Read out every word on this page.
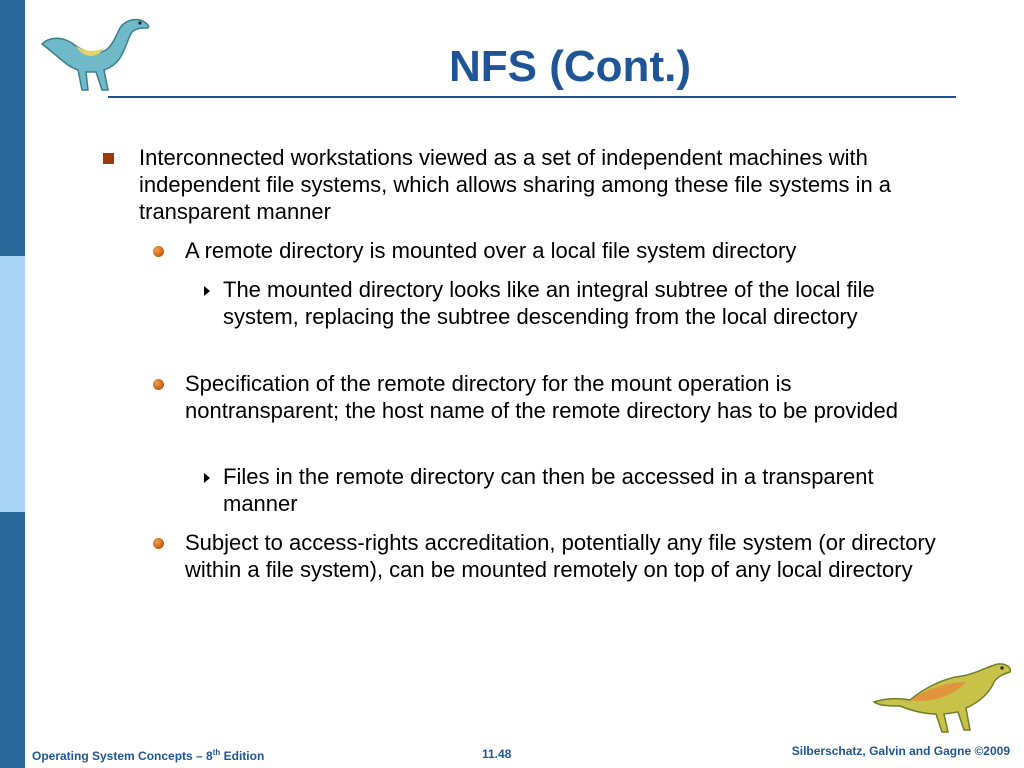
NFS (Cont.)
Interconnected workstations viewed as a set of independent machines with independent file systems, which allows sharing among these file systems in a transparent manner
A remote directory is mounted over a local file system directory
The mounted directory looks like an integral subtree of the local file system, replacing the subtree descending from the local directory
Specification of the remote directory for the mount operation is nontransparent; the host name of the remote directory has to be provided
Files in the remote directory can then be accessed in a transparent manner
Subject to access-rights accreditation, potentially any file system (or directory within a file system), can be mounted remotely on top of any local directory
Operating System Concepts – 8th Edition	11.48	Silberschatz, Galvin and Gagne ©2009
